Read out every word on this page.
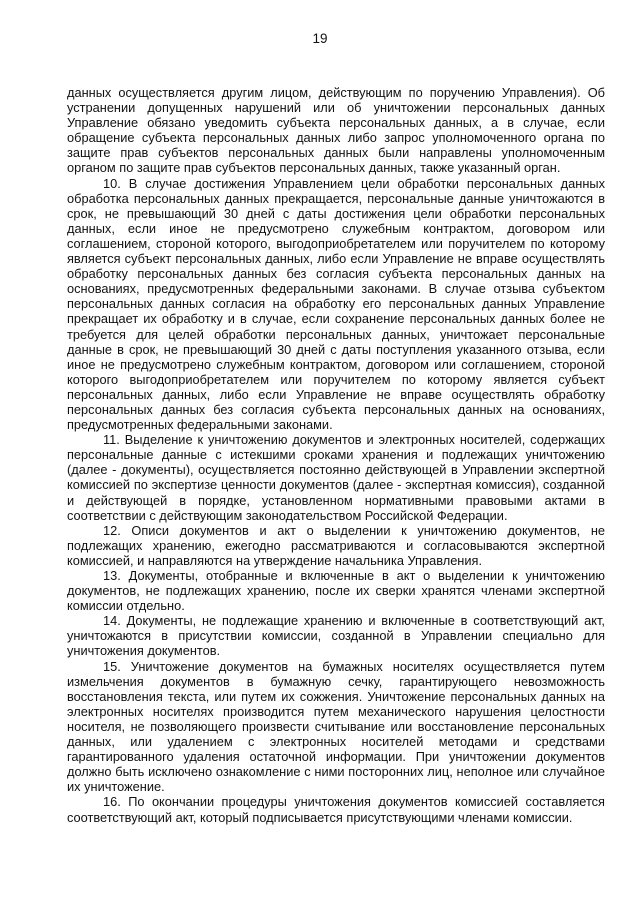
19

данных осуществляется другим лицом, действующим по поручению Управления). Об устранении допущенных нарушений или об уничтожении персональных данных Управление обязано уведомить субъекта персональных данных, а в случае, если обращение субъекта персональных данных либо запрос уполномоченного органа по защите прав субъектов персональных данных были направлены уполномоченным органом по защите прав субъектов персональных данных, также указанный орган.

10. В случае достижения Управлением цели обработки персональных данных обработка персональных данных прекращается, персональные данные уничтожаются в срок, не превышающий 30 дней с даты достижения цели обработки персональных данных, если иное не предусмотрено служебным контрактом, договором или соглашением, стороной которого, выгодоприобретателем или поручителем по которому является субъект персональных данных, либо если Управление не вправе осуществлять обработку персональных данных без согласия субъекта персональных данных на основаниях, предусмотренных федеральными законами. В случае отзыва субъектом персональных данных согласия на обработку его персональных данных Управление прекращает их обработку и в случае, если сохранение персональных данных более не требуется для целей обработки персональных данных, уничтожает персональные данные в срок, не превышающий 30 дней с даты поступления указанного отзыва, если иное не предусмотрено служебным контрактом, договором или соглашением, стороной которого выгодоприобретателем или поручителем по которому является субъект персональных данных, либо если Управление не вправе осуществлять обработку персональных данных без согласия субъекта персональных данных на основаниях, предусмотренных федеральными законами.

11. Выделение к уничтожению документов и электронных носителей, содержащих персональные данные с истекшими сроками хранения и подлежащих уничтожению (далее - документы), осуществляется постоянно действующей в Управлении экспертной комиссией по экспертизе ценности документов (далее - экспертная комиссия), созданной и действующей в порядке, установленном нормативными правовыми актами в соответствии с действующим законодательством Российской Федерации.

12. Описи документов и акт о выделении к уничтожению документов, не подлежащих хранению, ежегодно рассматриваются и согласовываются экспертной комиссией, и направляются на утверждение начальника Управления.

13. Документы, отобранные и включенные в акт о выделении к уничтожению документов, не подлежащих хранению, после их сверки хранятся членами экспертной комиссии отдельно.

14. Документы, не подлежащие хранению и включенные в соответствующий акт, уничтожаются в присутствии комиссии, созданной в Управлении специально для уничтожения документов.

15. Уничтожение документов на бумажных носителях осуществляется путем измельчения документов в бумажную сечку, гарантирующего невозможность восстановления текста, или путем их сожжения. Уничтожение персональных данных на электронных носителях производится путем механического нарушения целостности носителя, не позволяющего произвести считывание или восстановление персональных данных, или удалением с электронных носителей методами и средствами гарантированного удаления остаточной информации. При уничтожении документов должно быть исключено ознакомление с ними посторонних лиц, неполное или случайное их уничтожение.

16. По окончании процедуры уничтожения документов комиссией составляется соответствующий акт, который подписывается присутствующими членами комиссии.
